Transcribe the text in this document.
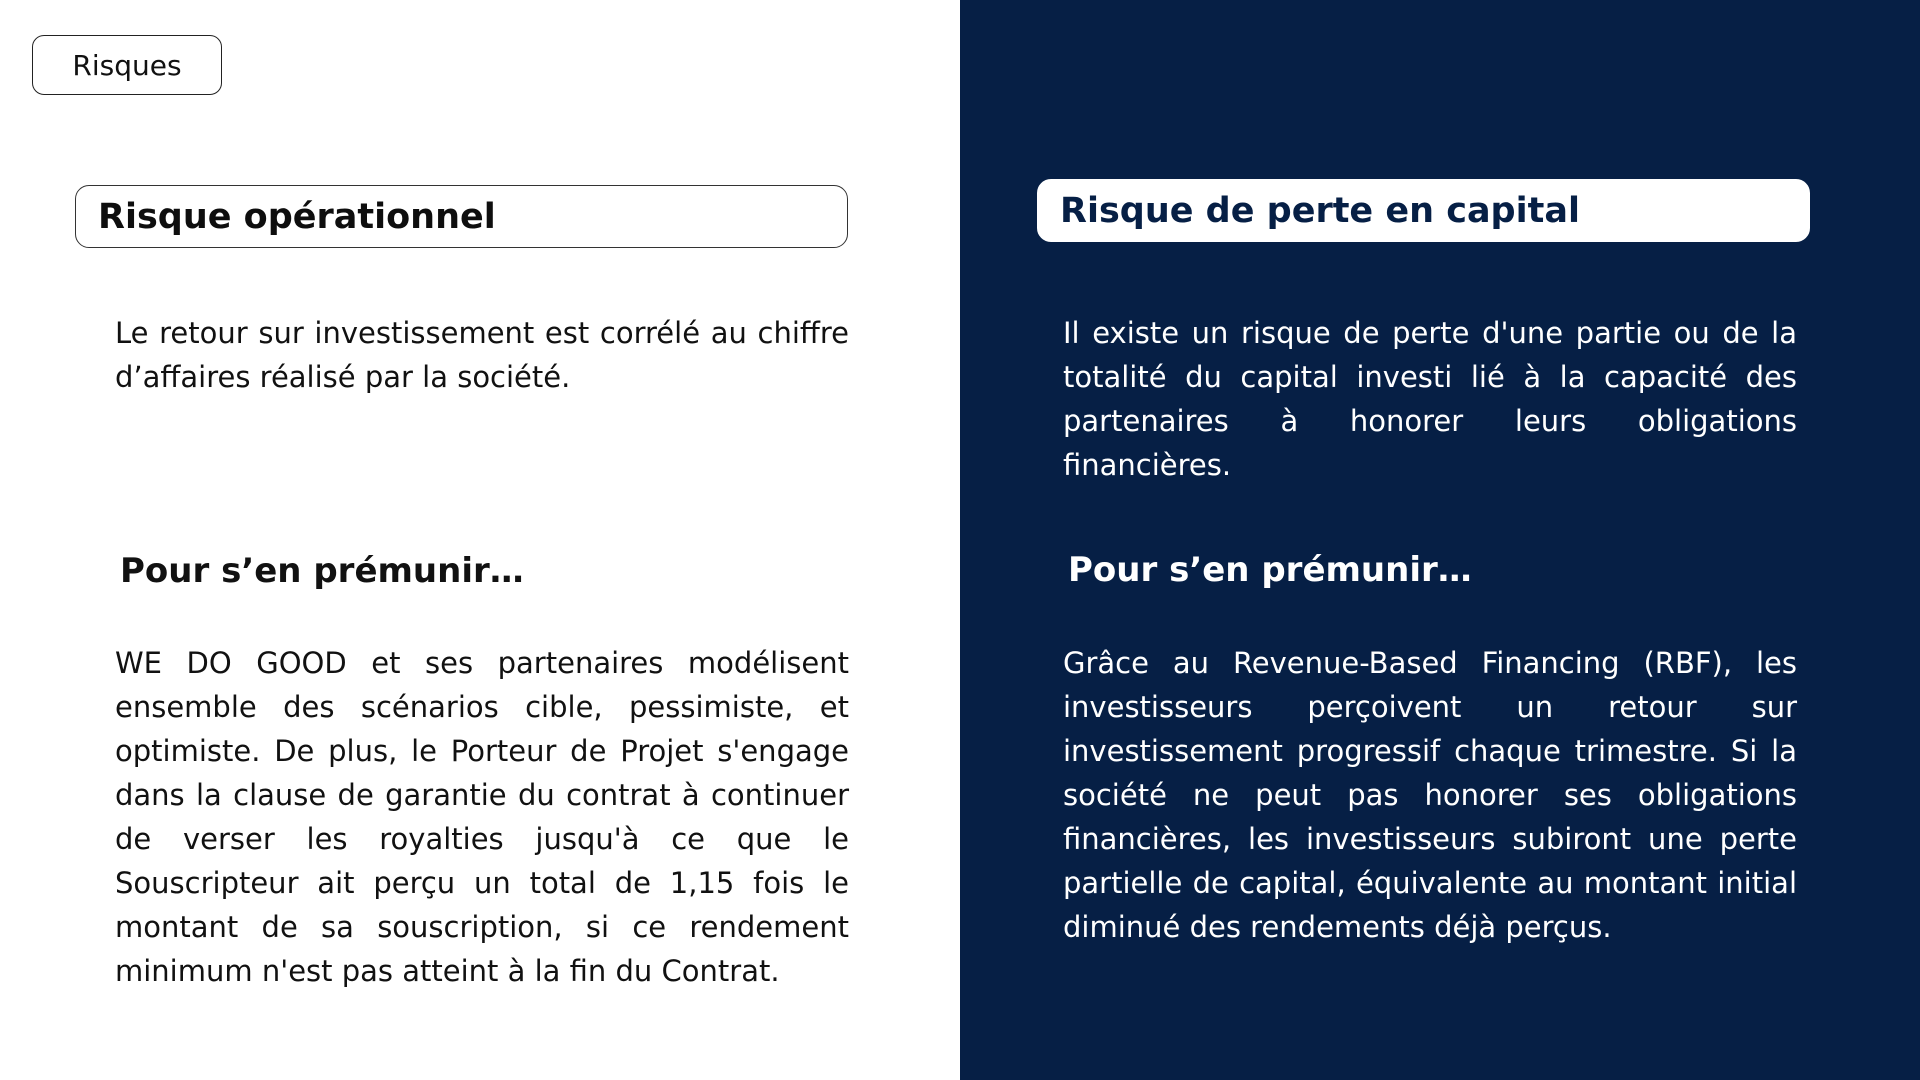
Risques
Risque opérationnel

Le retour sur investissement est corrélé au chiffre d’affaires réalisé par la société.

Pour s’en prémunir…

WE DO GOOD et ses partenaires modélisent ensemble des scénarios cible, pessimiste, et optimiste. De plus, le Porteur de Projet s'engage dans la clause de garantie du contrat à continuer de verser les royalties jusqu'à ce que le Souscripteur ait perçu un total de 1,15 fois le montant de sa souscription, si ce rendement minimum n'est pas atteint à la fin du Contrat.

Risque de perte en capital

Il existe un risque de perte d'une partie ou de la totalité du capital investi lié à la capacité des partenaires à honorer leurs obligations financières.

Pour s’en prémunir…

Grâce au Revenue-Based Financing (RBF), les investisseurs perçoivent un retour sur investissement progressif chaque trimestre. Si la société ne peut pas honorer ses obligations financières, les investisseurs subiront une perte partielle de capital, équivalente au montant initial diminué des rendements déjà perçus.
